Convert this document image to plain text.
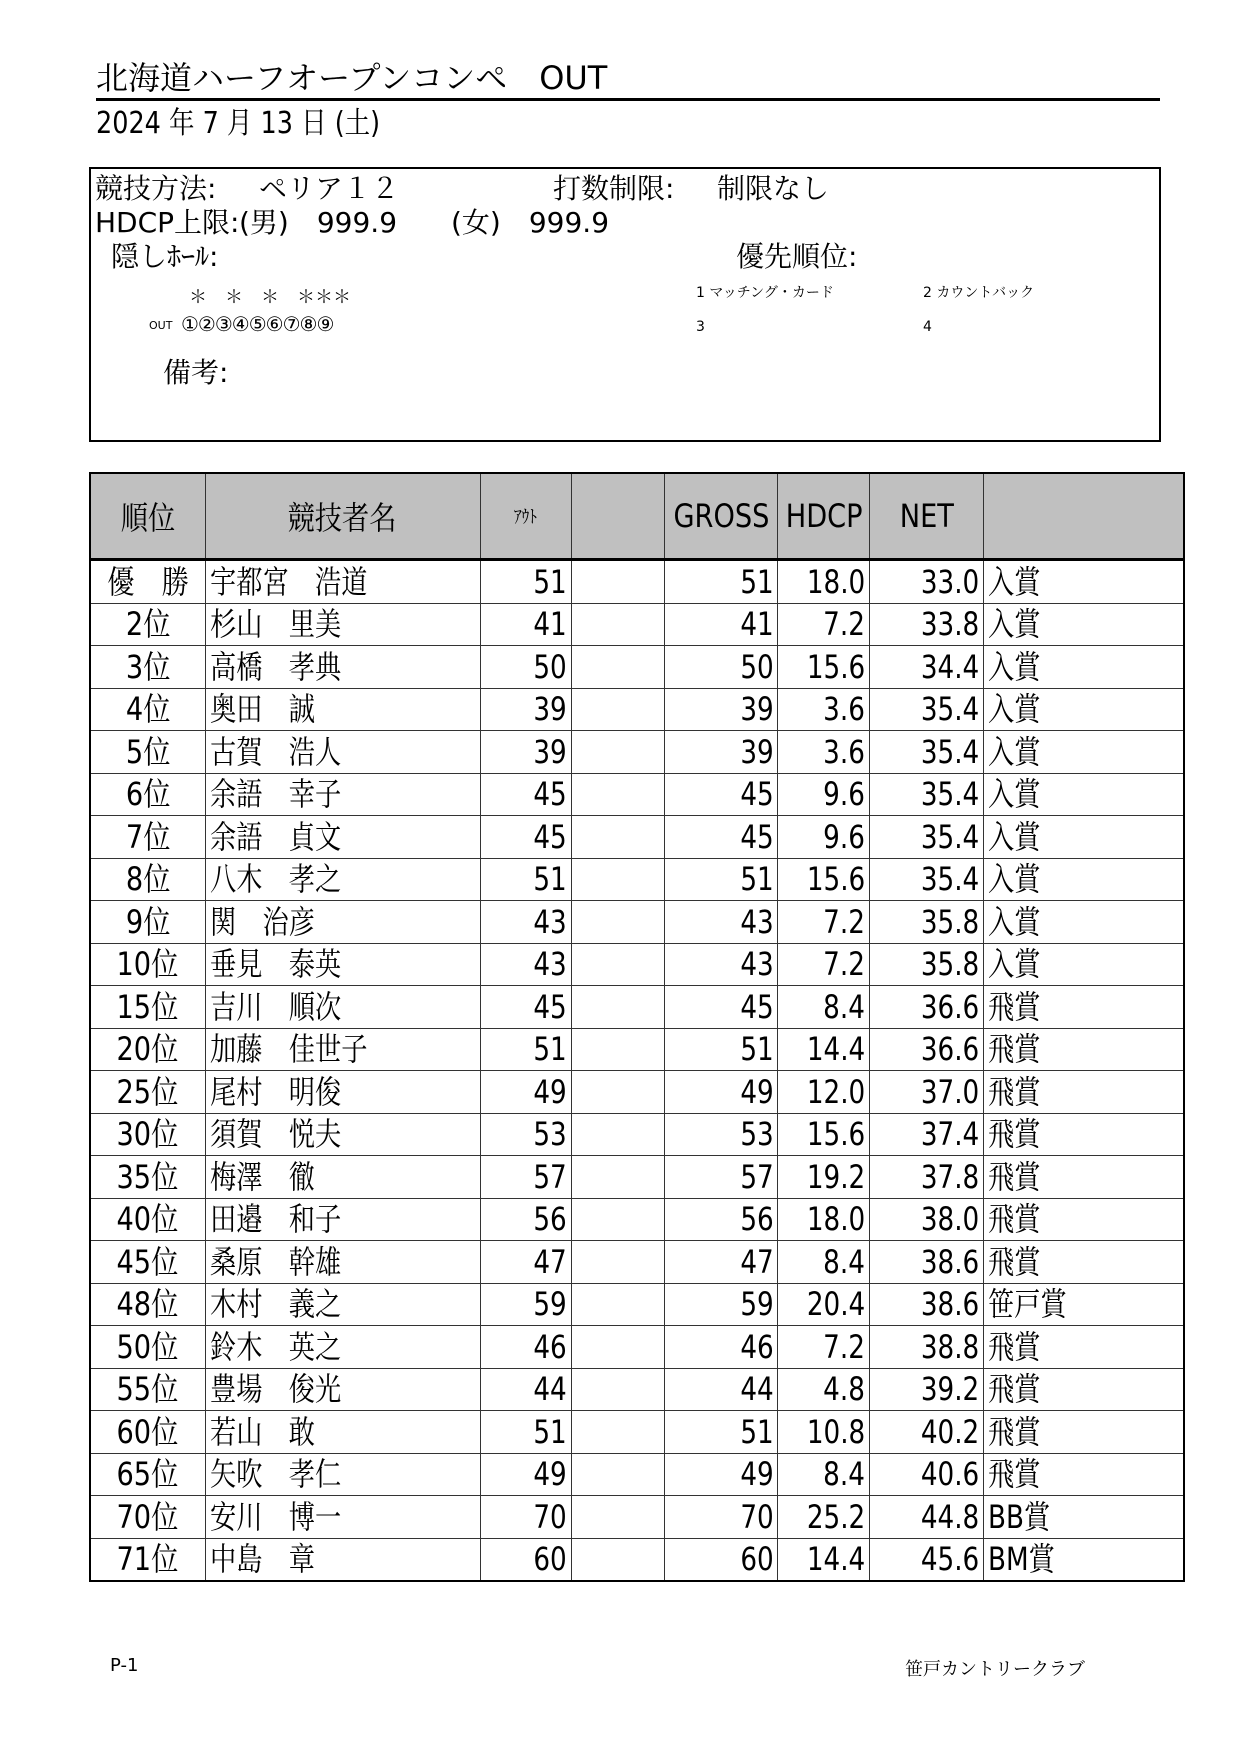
北海道ハーフオープンコンペ　OUT
2024 年 7 月 13 日 (土)
競技方法: ペリア１２	打数制限: 制限なし
HDCP上限: (男)　999.9 (女)　999.9
隠しﾎｰﾙ:	優先順位:
＊　＊　＊　＊＊＊	1 マッチング・カード	2 カウントバック
OUT ①②③④⑤⑥⑦⑧⑨	3	4
備考:
順位	競技者名	ｱｳﾄ		GROSS	HDCP	NET	
優　勝	宇都宮　浩道	51		51	18.0	33.0	入賞
2位	杉山　里美	41		41	7.2	33.8	入賞
3位	高橋　孝典	50		50	15.6	34.4	入賞
4位	奥田　誠	39		39	3.6	35.4	入賞
5位	古賀　浩人	39		39	3.6	35.4	入賞
6位	余語　幸子	45		45	9.6	35.4	入賞
7位	余語　貞文	45		45	9.6	35.4	入賞
8位	八木　孝之	51		51	15.6	35.4	入賞
9位	関　治彦	43		43	7.2	35.8	入賞
10位	垂見　泰英	43		43	7.2	35.8	入賞
15位	吉川　順次	45		45	8.4	36.6	飛賞
20位	加藤　佳世子	51		51	14.4	36.6	飛賞
25位	尾村　明俊	49		49	12.0	37.0	飛賞
30位	須賀　悦夫	53		53	15.6	37.4	飛賞
35位	梅澤　徹	57		57	19.2	37.8	飛賞
40位	田邉　和子	56		56	18.0	38.0	飛賞
45位	桑原　幹雄	47		47	8.4	38.6	飛賞
48位	木村　義之	59		59	20.4	38.6	笹戸賞
50位	鈴木　英之	46		46	7.2	38.8	飛賞
55位	豊場　俊光	44		44	4.8	39.2	飛賞
60位	若山　敢	51		51	10.8	40.2	飛賞
65位	矢吹　孝仁	49		49	8.4	40.6	飛賞
70位	安川　博一	70		70	25.2	44.8	BB賞
71位	中島　章	60		60	14.4	45.6	BM賞
P-1	笹戸カントリークラブ
